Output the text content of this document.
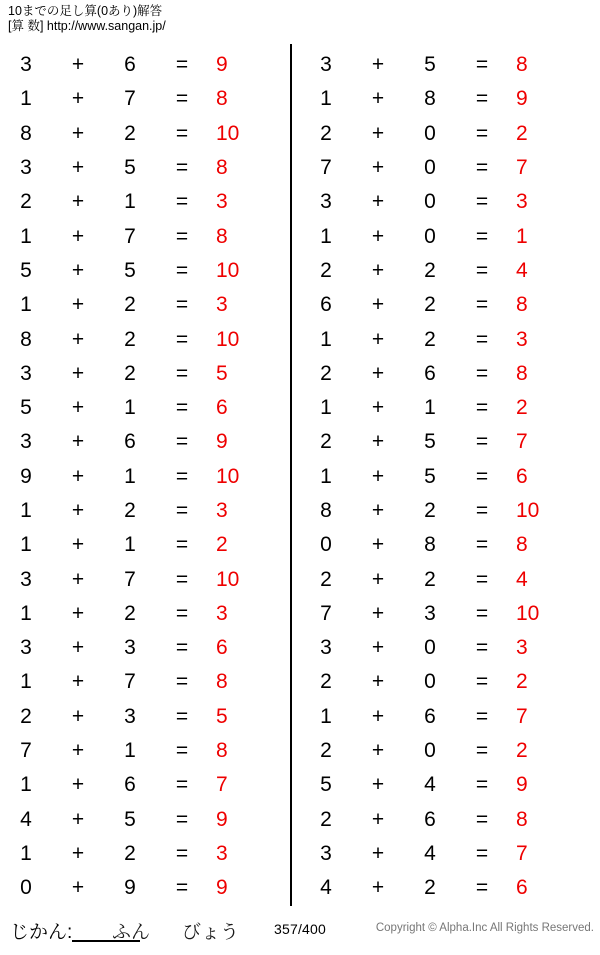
10までの足し算(0あり)解答
[算 数] http://www.sangan.jp/
3	+	6	=	9
1	+	7	=	8
8	+	2	=	10
3	+	5	=	8
2	+	1	=	3
1	+	7	=	8
5	+	5	=	10
1	+	2	=	3
8	+	2	=	10
3	+	2	=	5
5	+	1	=	6
3	+	6	=	9
9	+	1	=	10
1	+	2	=	3
1	+	1	=	2
3	+	7	=	10
1	+	2	=	3
3	+	3	=	6
1	+	7	=	8
2	+	3	=	5
7	+	1	=	8
1	+	6	=	7
4	+	5	=	9
1	+	2	=	3
0	+	9	=	9
3	+	5	=	8
1	+	8	=	9
2	+	0	=	2
7	+	0	=	7
3	+	0	=	3
1	+	0	=	1
2	+	2	=	4
6	+	2	=	8
1	+	2	=	3
2	+	6	=	8
1	+	1	=	2
2	+	5	=	7
1	+	5	=	6
8	+	2	=	10
0	+	8	=	8
2	+	2	=	4
7	+	3	=	10
3	+	0	=	3
2	+	0	=	2
1	+	6	=	7
2	+	0	=	2
5	+	4	=	9
2	+	6	=	8
3	+	4	=	7
4	+	2	=	6
じかん: ふん びょう 357/400	Copyright © Alpha.Inc All Rights Reserved.
